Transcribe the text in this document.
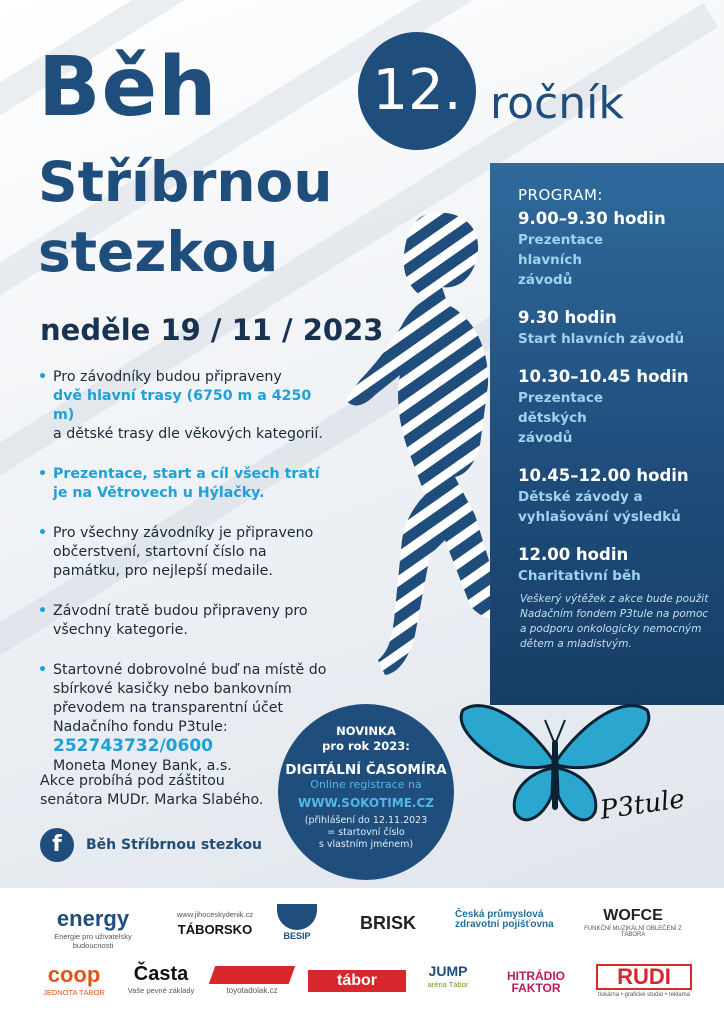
Běh
Stříbrnou
stezkou
12. ročník
neděle 19 / 11 / 2023
• Pro závodníky budou připraveny
dvě hlavní trasy (6750 m a 4250 m)
a dětské trasy dle věkových kategorií.
• Prezentace, start a cíl všech tratí je na Větrovech u Hýlačky.
• Pro všechny závodníky je připraveno občerstvení, startovní číslo na památku, pro nejlepší medaile.
• Závodní tratě budou připraveny pro všechny kategorie.
• Startovné dobrovolné buď na místě do sbírkové kasičky nebo bankovním převodem na transparentní účet Nadačního fondu P3tule:
252743732/0600
Moneta Money Bank, a.s.
Akce probíhá pod záštitou senátora MUDr. Marka Slabého.
f	Běh Stříbrnou stezkou
PROGRAM:
9.00–9.30 hodin
Prezentace hlavních závodů
9.30 hodin
Start hlavních závodů
10.30–10.45 hodin
Prezentace dětských závodů
10.45–12.00 hodin
Dětské závody a vyhlašování výsledků
12.00 hodin
Charitativní běh
Veškerý výtěžek z akce bude použit Nadačním fondem P3tule na pomoc a podporu onkologicky nemocným dětem a mladistvým.
NOVINKA
pro rok 2023:
DIGITÁLNÍ ČASOMÍRA
Online registrace na
WWW.SOKOTIME.CZ
(přihlášení do 12.11.2023
= startovní číslo
s vlastním jménem)
P3tule
energy
Energie pro uživatelsky budoucnosti
www.jihoceskydenik.cz
TÁBORSKO	BESIP
BRISK	Česká průmyslová zdravotní pojišťovna
WOFCE
FUNKČNÍ MUZIKÁLNÍ OBLEČENÍ Z TÁBORA
coop
JEDNOTA TÁBOR
Časta
Vaše pevné základy	toyotadolak.cz
tábor
JUMP
aréna Tábor
HITRÁDIO FAKTOR	RUDI
tiskárna • grafické studio • reklama
